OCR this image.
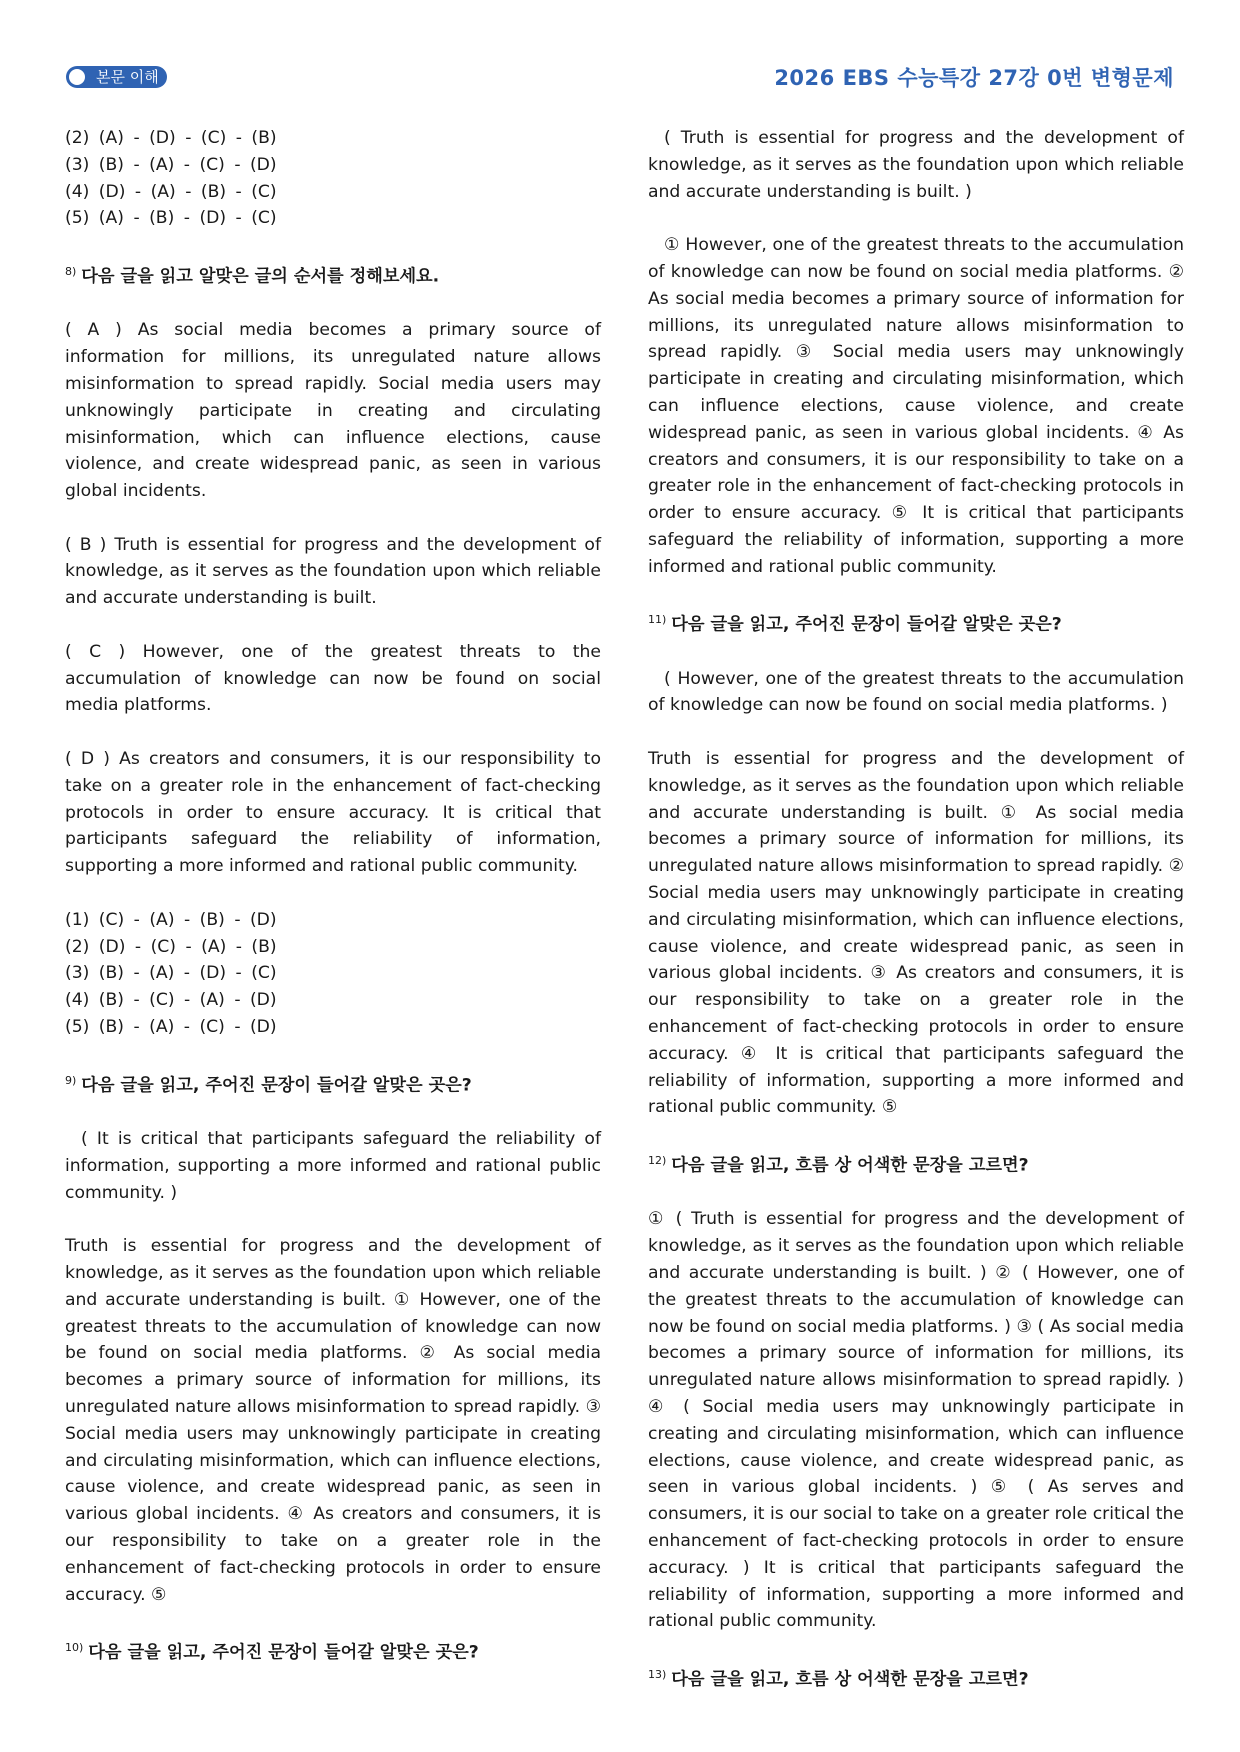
본문 이해	2026 EBS 수능특강 27강 0번 변형문제

(2) (A) - (D) - (C) - (B)

(3) (B) - (A) - (C) - (D)

(4) (D) - (A) - (B) - (C)

(5) (A) - (B) - (D) - (C)

$^{8)}$ 다음 글을 읽고 알맞은 글의 순서를 정해보세요.

( A ) As social media becomes a primary source of information for millions, its unregulated nature allows misinformation to spread rapidly. Social media users may unknowingly participate in creating and circulating misinformation, which can influence elections, cause violence, and create widespread panic, as seen in various global incidents.

( B ) Truth is essential for progress and the development of knowledge, as it serves as the foundation upon which reliable and accurate understanding is built.

( C ) However, one of the greatest threats to the accumulation of knowledge can now be found on social media platforms.

( D ) As creators and consumers, it is our responsibility to take on a greater role in the enhancement of fact-checking protocols in order to ensure accuracy. It is critical that participants safeguard the reliability of information, supporting a more informed and rational public community.

(1) (C) - (A) - (B) - (D)

(2) (D) - (C) - (A) - (B)

(3) (B) - (A) - (D) - (C)

(4) (B) - (C) - (A) - (D)

(5) (B) - (A) - (C) - (D)

$^{9)}$ 다음 글을 읽고, 주어진 문장이 들어갈 알맞은 곳은?

( It is critical that participants safeguard the reliability of information, supporting a more informed and rational public community. )

Truth is essential for progress and the development of knowledge, as it serves as the foundation upon which reliable and accurate understanding is built. ① However, one of the greatest threats to the accumulation of knowledge can now be found on social media platforms. ② As social media becomes a primary source of information for millions, its unregulated nature allows misinformation to spread rapidly. ③ Social media users may unknowingly participate in creating and circulating misinformation, which can influence elections, cause violence, and create widespread panic, as seen in various global incidents. ④ As creators and consumers, it is our responsibility to take on a greater role in the enhancement of fact-checking protocols in order to ensure accuracy. ⑤

$^{10)}$ 다음 글을 읽고, 주어진 문장이 들어갈 알맞은 곳은?

( Truth is essential for progress and the development of knowledge, as it serves as the foundation upon which reliable and accurate understanding is built. )

① However, one of the greatest threats to the accumulation of knowledge can now be found on social media platforms. ② As social media becomes a primary source of information for millions, its unregulated nature allows misinformation to spread rapidly. ③ Social media users may unknowingly participate in creating and circulating misinformation, which can influence elections, cause violence, and create widespread panic, as seen in various global incidents. ④ As creators and consumers, it is our responsibility to take on a greater role in the enhancement of fact-checking protocols in order to ensure accuracy. ⑤ It is critical that participants safeguard the reliability of information, supporting a more informed and rational public community.

$^{11)}$ 다음 글을 읽고, 주어진 문장이 들어갈 알맞은 곳은?

( However, one of the greatest threats to the accumulation of knowledge can now be found on social media platforms. )

Truth is essential for progress and the development of knowledge, as it serves as the foundation upon which reliable and accurate understanding is built. ① As social media becomes a primary source of information for millions, its unregulated nature allows misinformation to spread rapidly. ② Social media users may unknowingly participate in creating and circulating misinformation, which can influence elections, cause violence, and create widespread panic, as seen in various global incidents. ③ As creators and consumers, it is our responsibility to take on a greater role in the enhancement of fact-checking protocols in order to ensure accuracy. ④ It is critical that participants safeguard the reliability of information, supporting a more informed and rational public community. ⑤

$^{12)}$ 다음 글을 읽고, 흐름 상 어색한 문장을 고르면?

① ( Truth is essential for progress and the development of knowledge, as it serves as the foundation upon which reliable and accurate understanding is built. ) ② ( However, one of the greatest threats to the accumulation of knowledge can now be found on social media platforms. ) ③ ( As social media becomes a primary source of information for millions, its unregulated nature allows misinformation to spread rapidly. ) ④ ( Social media users may unknowingly participate in creating and circulating misinformation, which can influence elections, cause violence, and create widespread panic, as seen in various global incidents. ) ⑤ ( As serves and consumers, it is our social to take on a greater role critical the enhancement of fact-checking protocols in order to ensure accuracy. ) It is critical that participants safeguard the reliability of information, supporting a more informed and rational public community.

$^{13)}$ 다음 글을 읽고, 흐름 상 어색한 문장을 고르면?
